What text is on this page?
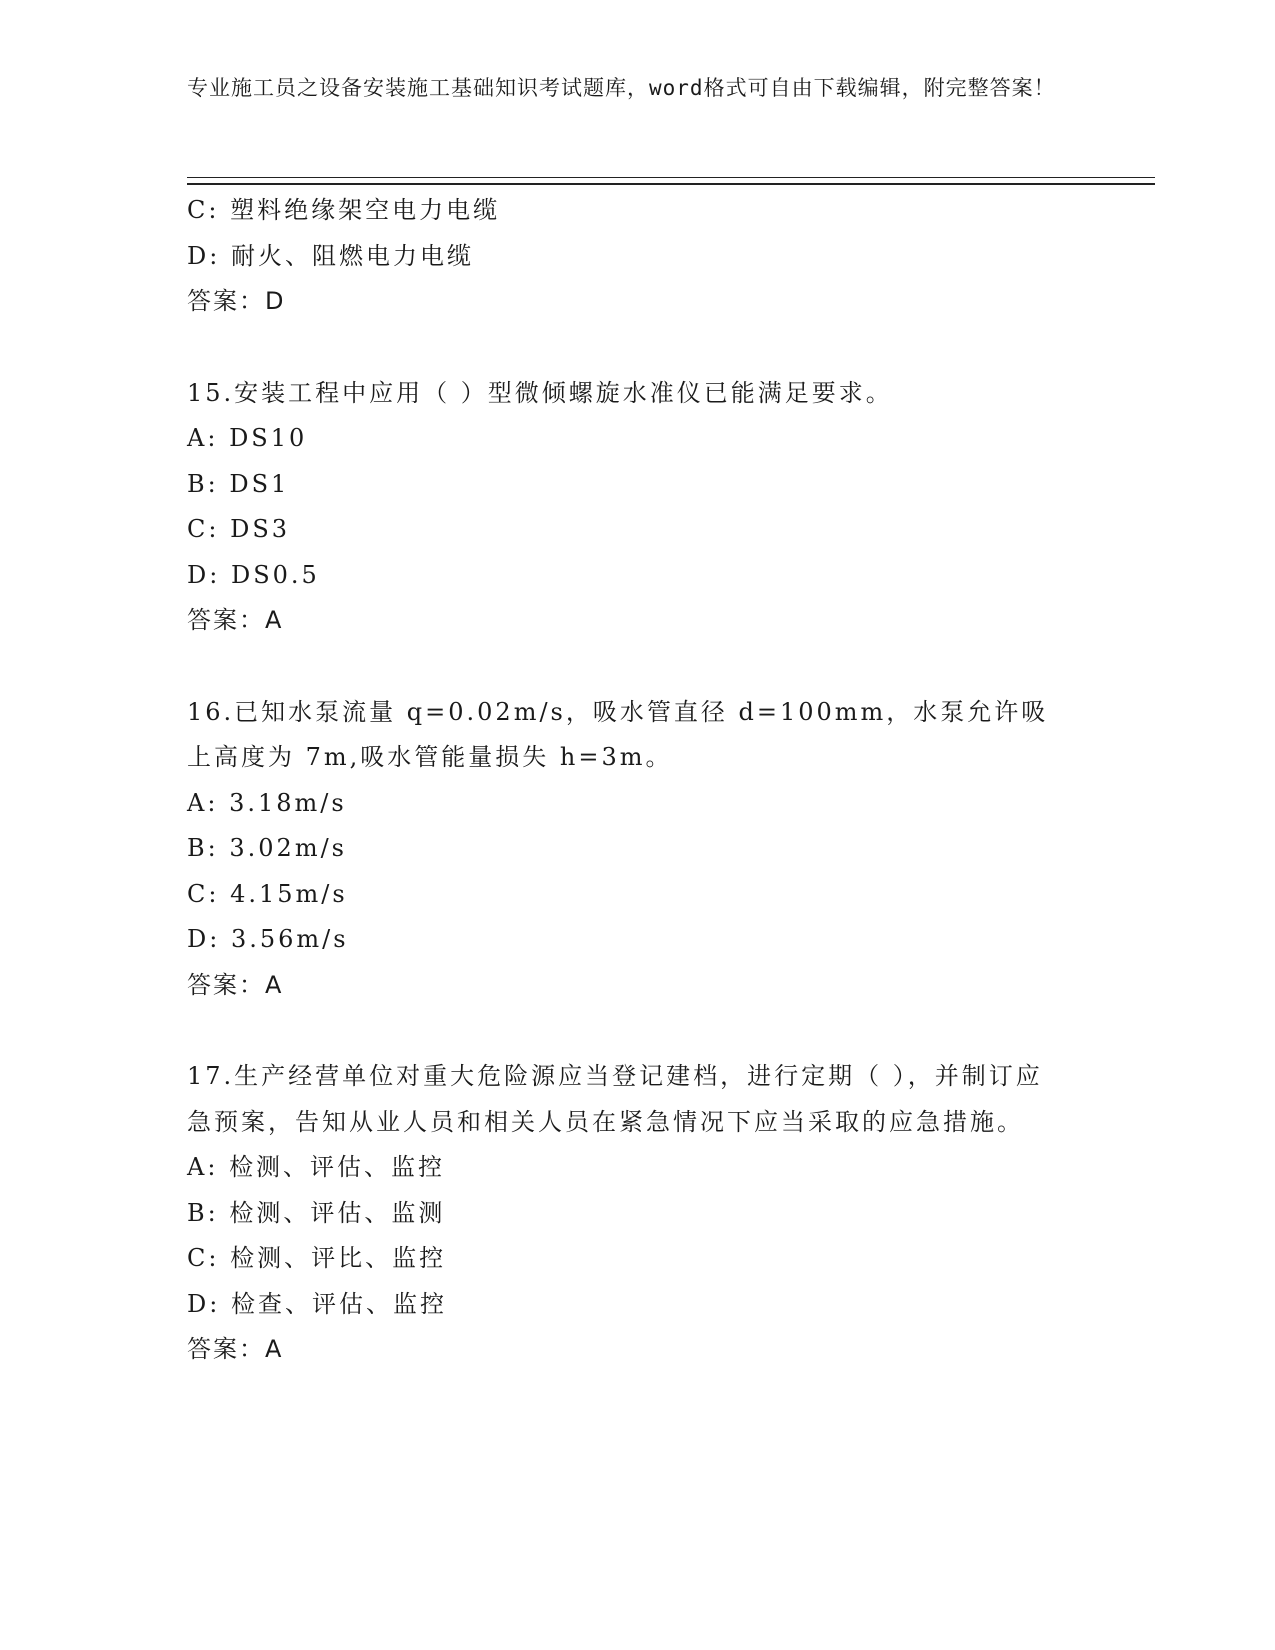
专业施工员之设备安装施工基础知识考试题库，word格式可自由下载编辑，附完整答案！
C: 塑料绝缘架空电力电缆
D: 耐火、阻燃电力电缆
答案：D
15.安装工程中应用（ ）型微倾螺旋水准仪已能满足要求。
A: DS10
B: DS1
C: DS3
D: DS0.5
答案：A
16.已知水泵流量 q=0.02m/s，吸水管直径 d=100mm，水泵允许吸上高度为 7m,吸水管能量损失 h=3m。
A: 3.18m/s
B: 3.02m/s
C: 4.15m/s
D: 3.56m/s
答案：A
17.生产经营单位对重大危险源应当登记建档，进行定期（ ），并制订应急预案，告知从业人员和相关人员在紧急情况下应当采取的应急措施。
A: 检测、评估、监控
B: 检测、评估、监测
C: 检测、评比、监控
D: 检查、评估、监控
答案：A
